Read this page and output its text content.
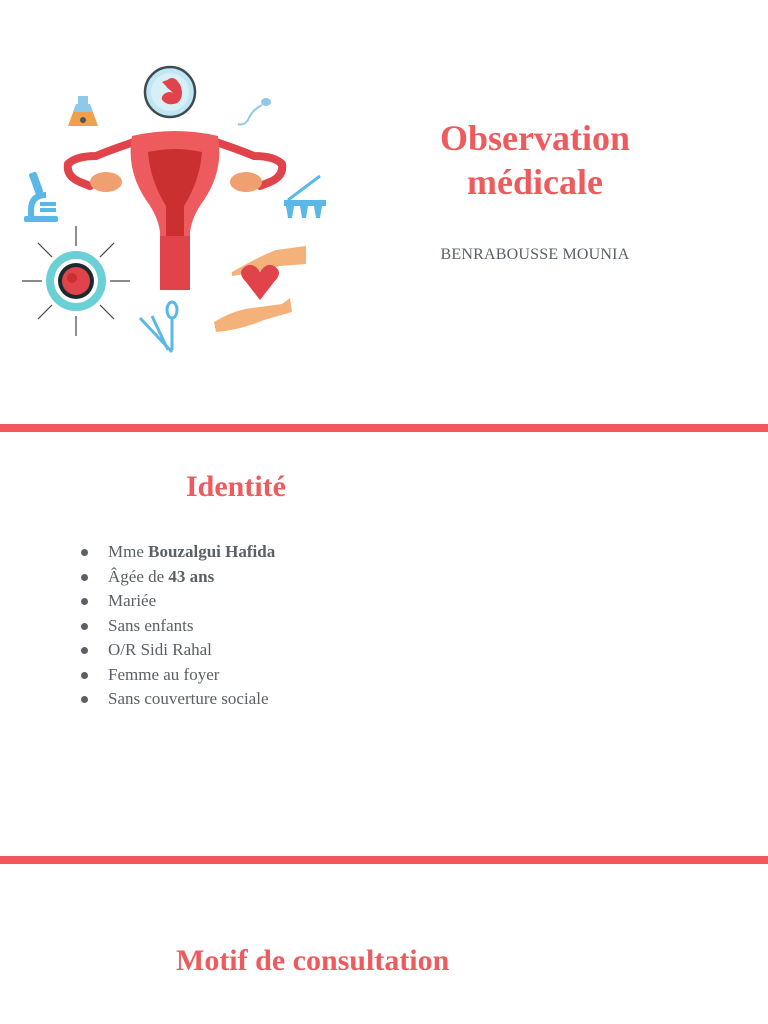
Observation
médicale
BENRABOUSSE MOUNIA
Identité
Mme Bouzalgui Hafida
Âgée de 43 ans
Mariée
Sans enfants
O/R Sidi Rahal
Femme au foyer
Sans couverture sociale
Motif de consultation
